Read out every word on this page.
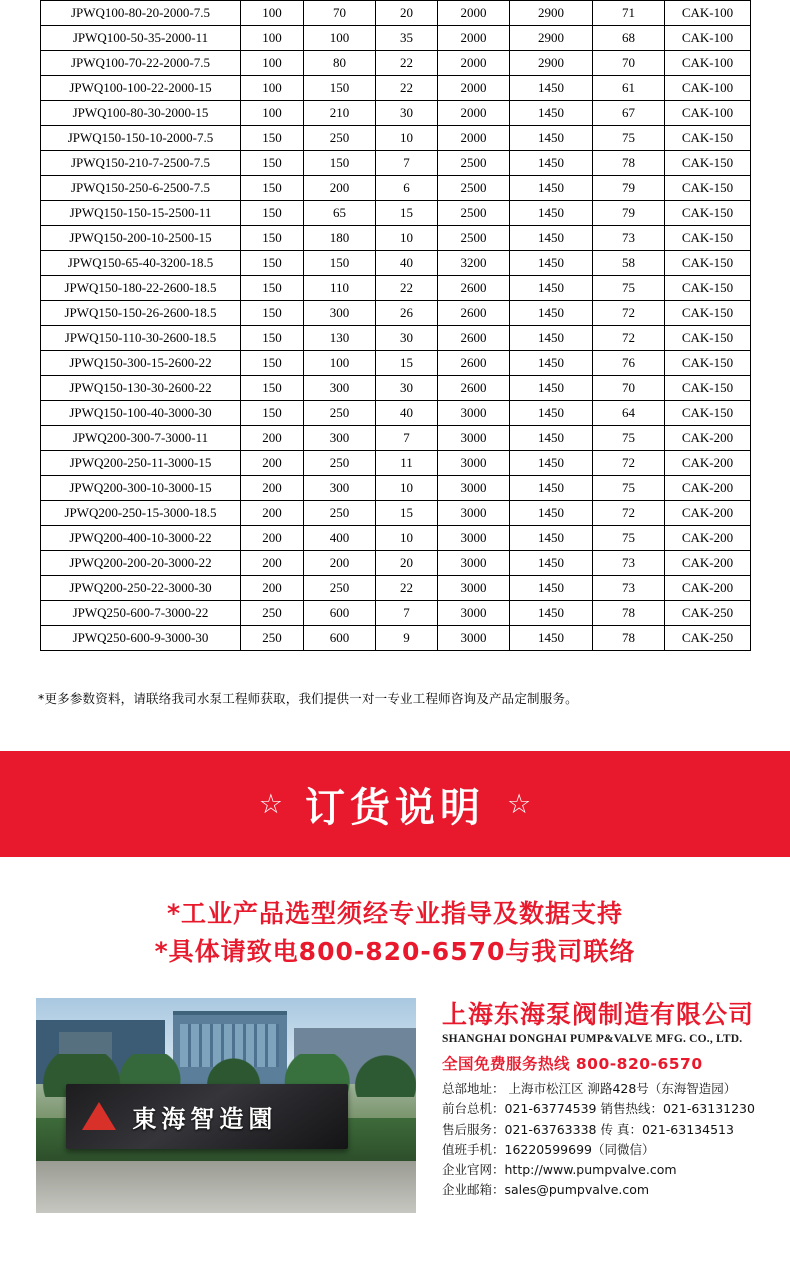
JPWQ100-80-20-2000-7.5	100	70	20	2000	2900	71	CAK-100
JPWQ100-50-35-2000-11	100	100	35	2000	2900	68	CAK-100
JPWQ100-70-22-2000-7.5	100	80	22	2000	2900	70	CAK-100
JPWQ100-100-22-2000-15	100	150	22	2000	1450	61	CAK-100
JPWQ100-80-30-2000-15	100	210	30	2000	1450	67	CAK-100
JPWQ150-150-10-2000-7.5	150	250	10	2000	1450	75	CAK-150
JPWQ150-210-7-2500-7.5	150	150	7	2500	1450	78	CAK-150
JPWQ150-250-6-2500-7.5	150	200	6	2500	1450	79	CAK-150
JPWQ150-150-15-2500-11	150	65	15	2500	1450	79	CAK-150
JPWQ150-200-10-2500-15	150	180	10	2500	1450	73	CAK-150
JPWQ150-65-40-3200-18.5	150	150	40	3200	1450	58	CAK-150
JPWQ150-180-22-2600-18.5	150	110	22	2600	1450	75	CAK-150
JPWQ150-150-26-2600-18.5	150	300	26	2600	1450	72	CAK-150
JPWQ150-110-30-2600-18.5	150	130	30	2600	1450	72	CAK-150
JPWQ150-300-15-2600-22	150	100	15	2600	1450	76	CAK-150
JPWQ150-130-30-2600-22	150	300	30	2600	1450	70	CAK-150
JPWQ150-100-40-3000-30	150	250	40	3000	1450	64	CAK-150
JPWQ200-300-7-3000-11	200	300	7	3000	1450	75	CAK-200
JPWQ200-250-11-3000-15	200	250	11	3000	1450	72	CAK-200
JPWQ200-300-10-3000-15	200	300	10	3000	1450	75	CAK-200
JPWQ200-250-15-3000-18.5	200	250	15	3000	1450	72	CAK-200
JPWQ200-400-10-3000-22	200	400	10	3000	1450	75	CAK-200
JPWQ200-200-20-3000-22	200	200	20	3000	1450	73	CAK-200
JPWQ200-250-22-3000-30	200	250	22	3000	1450	73	CAK-200
JPWQ250-600-7-3000-22	250	600	7	3000	1450	78	CAK-250
JPWQ250-600-9-3000-30	250	600	9	3000	1450	78	CAK-250
*更多参数资料，请联络我司水泵工程师获取，我们提供一对一专业工程师咨询及产品定制服务。
☆ 订货说明 ☆
*工业产品选型须经专业指导及数据支持
*具体请致电800-820-6570与我司联络
東海智造園
上海东海泵阀制造有限公司
SHANGHAI DONGHAI PUMP&VALVE MFG. CO., LTD.
全国免费服务热线 800-820-6570
总部地址： 上海市松江区 泖路428号（东海智造园）
前台总机：021-63774539 销售热线：021-63131230
售后服务：021-63763338 传 真：021-63134513
值班手机：16220599699（同微信）
企业官网：http://www.pumpvalve.com
企业邮箱：sales@pumpvalve.com
